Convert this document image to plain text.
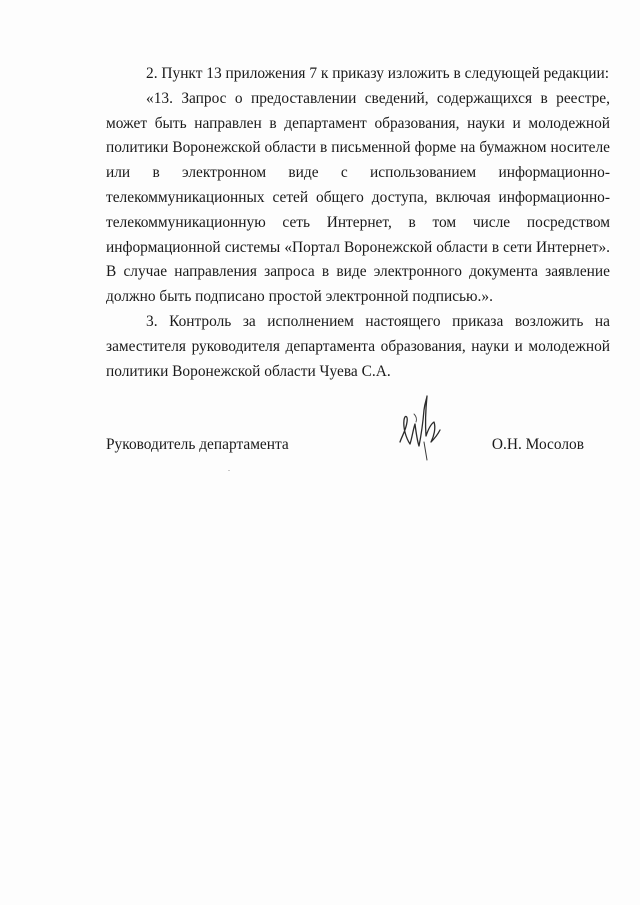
2. Пункт 13 приложения 7 к приказу изложить в следующей редакции:

«13. Запрос о предоставлении сведений, содержащихся в реестре, может быть направлен в департамент образования, науки и молодежной политики Воронежской области в письменной форме на бумажном носителе или в электронном виде с использованием информационно-телекоммуникационных сетей общего доступа, включая информационно-телекоммуникационную сеть Интернет, в том числе посредством информационной системы «Портал Воронежской области в сети Интернет». В случае направления запроса в виде электронного документа заявление должно быть подписано простой электронной подписью.».

3. Контроль за исполнением настоящего приказа возложить на заместителя руководителя департамента образования, науки и молодежной политики Воронежской области Чуева С.А.

Руководитель департамента	О.Н. Мосолов
